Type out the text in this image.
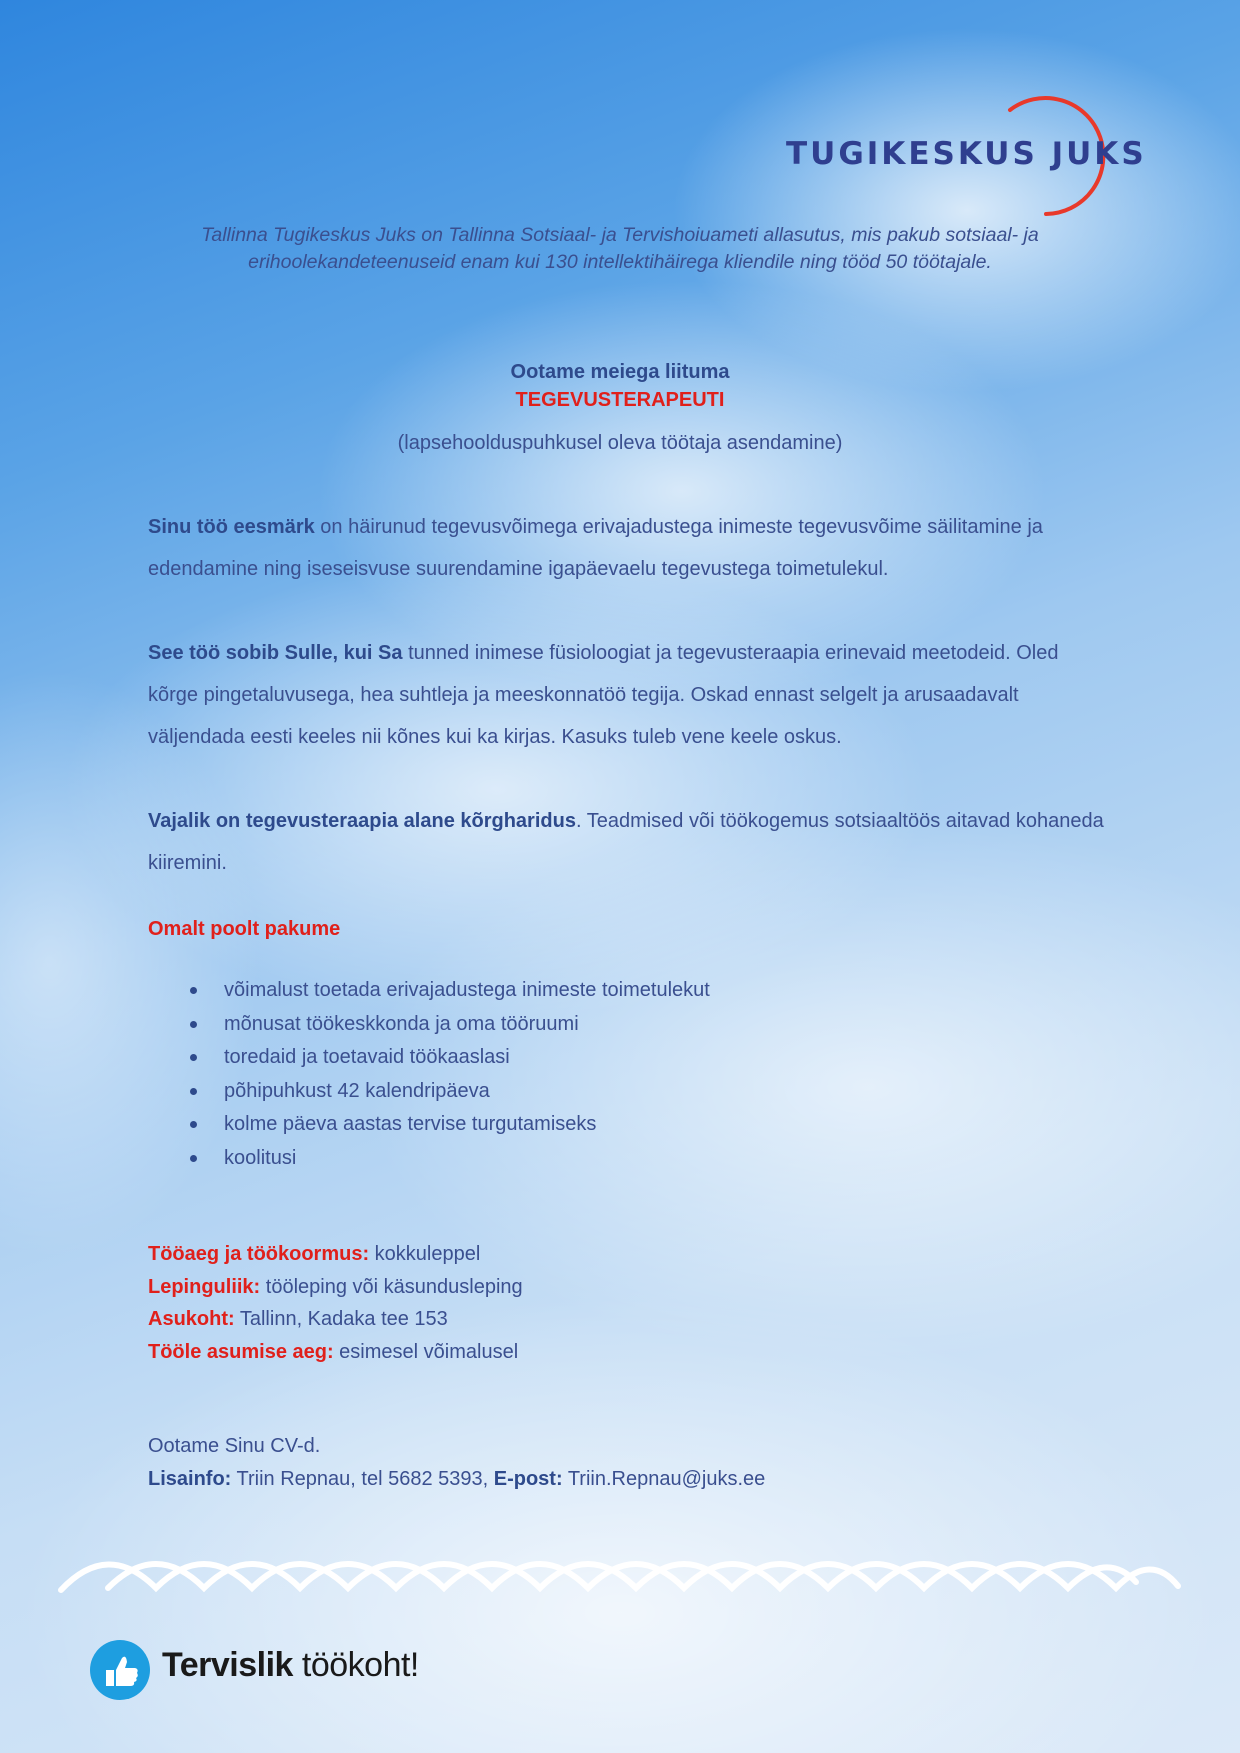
TUGIKESKUS JUKS
Tallinna Tugikeskus Juks on Tallinna Sotsiaal- ja Tervishoiuameti allasutus, mis pakub sotsiaal- ja erihoolekandeteenuseid enam kui 130 intellektihäirega kliendile ning tööd 50 töötajale.
Ootame meiega liituma
TEGEVUSTERAPEUTI
(lapsehoolduspuhkusel oleva töötaja asendamine)
Sinu töö eesmärk on häirunud tegevusvõimega erivajadustega inimeste tegevusvõime säilitamine ja edendamine ning iseseisvuse suurendamine igapäevaelu tegevustega toimetulekul.
See töö sobib Sulle, kui Sa tunned inimese füsioloogiat ja tegevusteraapia erinevaid meetodeid. Oled kõrge pingetaluvusega, hea suhtleja ja meeskonnatöö tegija. Oskad ennast selgelt ja arusaadavalt väljendada eesti keeles nii kõnes kui ka kirjas. Kasuks tuleb vene keele oskus.
Vajalik on tegevusteraapia alane kõrgharidus. Teadmised või töökogemus sotsiaaltöös aitavad kohaneda kiiremini.
Omalt poolt pakume
võimalust toetada erivajadustega inimeste toimetulekut
mõnusat töökeskkonda ja oma tööruumi
toredaid ja toetavaid töökaaslasi
põhipuhkust 42 kalendripäeva
kolme päeva aastas tervise turgutamiseks
koolitusi
Tööaeg ja töökoormus: kokkuleppel
Lepinguliik: tööleping või käsundusleping
Asukoht: Tallinn, Kadaka tee 153
Tööle asumise aeg: esimesel võimalusel
Ootame Sinu CV-d.
Lisainfo: Triin Repnau, tel 5682 5393, E-post: Triin.Repnau@juks.ee
Tervislik töökoht!
